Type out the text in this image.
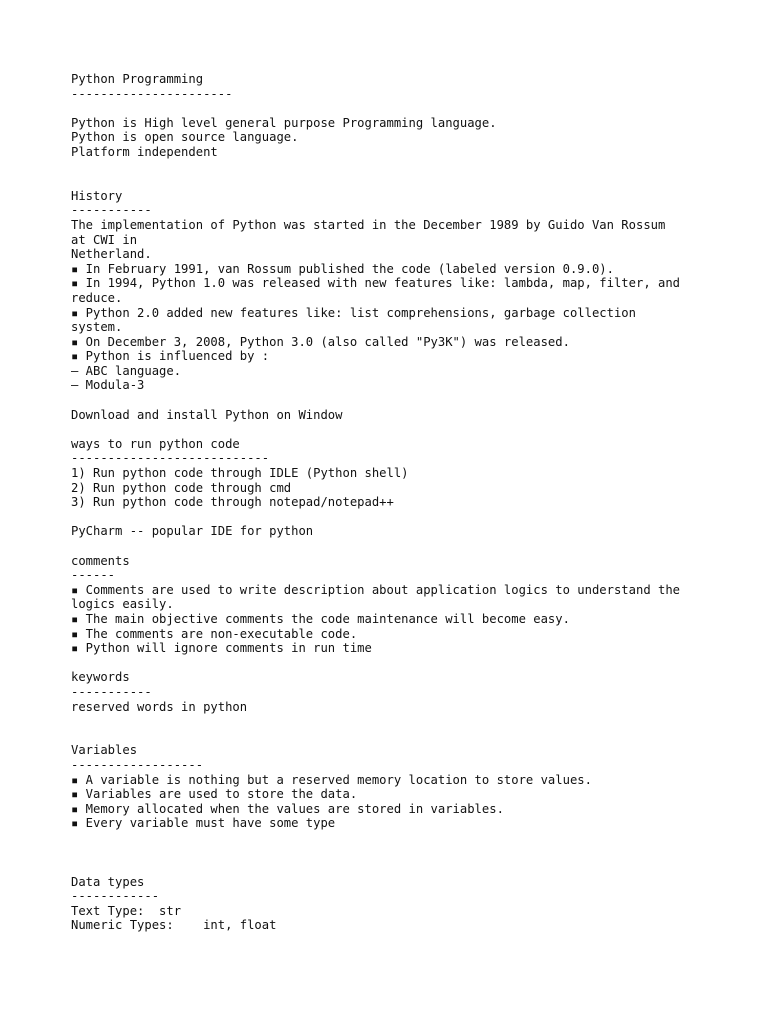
Python Programming
----------------------
Python is High level general purpose Programming language.
Python is open source language.
Platform independent
History
-----------
The implementation of Python was started in the December 1989 by Guido Van Rossum
at CWI in
Netherland.
▪ In February 1991, van Rossum published the code (labeled version 0.9.0).
▪ In 1994, Python 1.0 was released with new features like: lambda, map, filter, and
reduce.
▪ Python 2.0 added new features like: list comprehensions, garbage collection
system.
▪ On December 3, 2008, Python 3.0 (also called "Py3K") was released.
▪ Python is influenced by :
– ABC language.
– Modula-3
Download and install Python on Window
ways to run python code
---------------------------
1) Run python code through IDLE (Python shell)
2) Run python code through cmd
3) Run python code through notepad/notepad++
PyCharm -- popular IDE for python
comments
------
▪ Comments are used to write description about application logics to understand the
logics easily.
▪ The main objective comments the code maintenance will become easy.
▪ The comments are non-executable code.
▪ Python will ignore comments in run time
keywords
-----------
reserved words in python
Variables
------------------
▪ A variable is nothing but a reserved memory location to store values.
▪ Variables are used to store the data.
▪ Memory allocated when the values are stored in variables.
▪ Every variable must have some type
Data types
------------
Text Type:  str
Numeric Types:    int, float
